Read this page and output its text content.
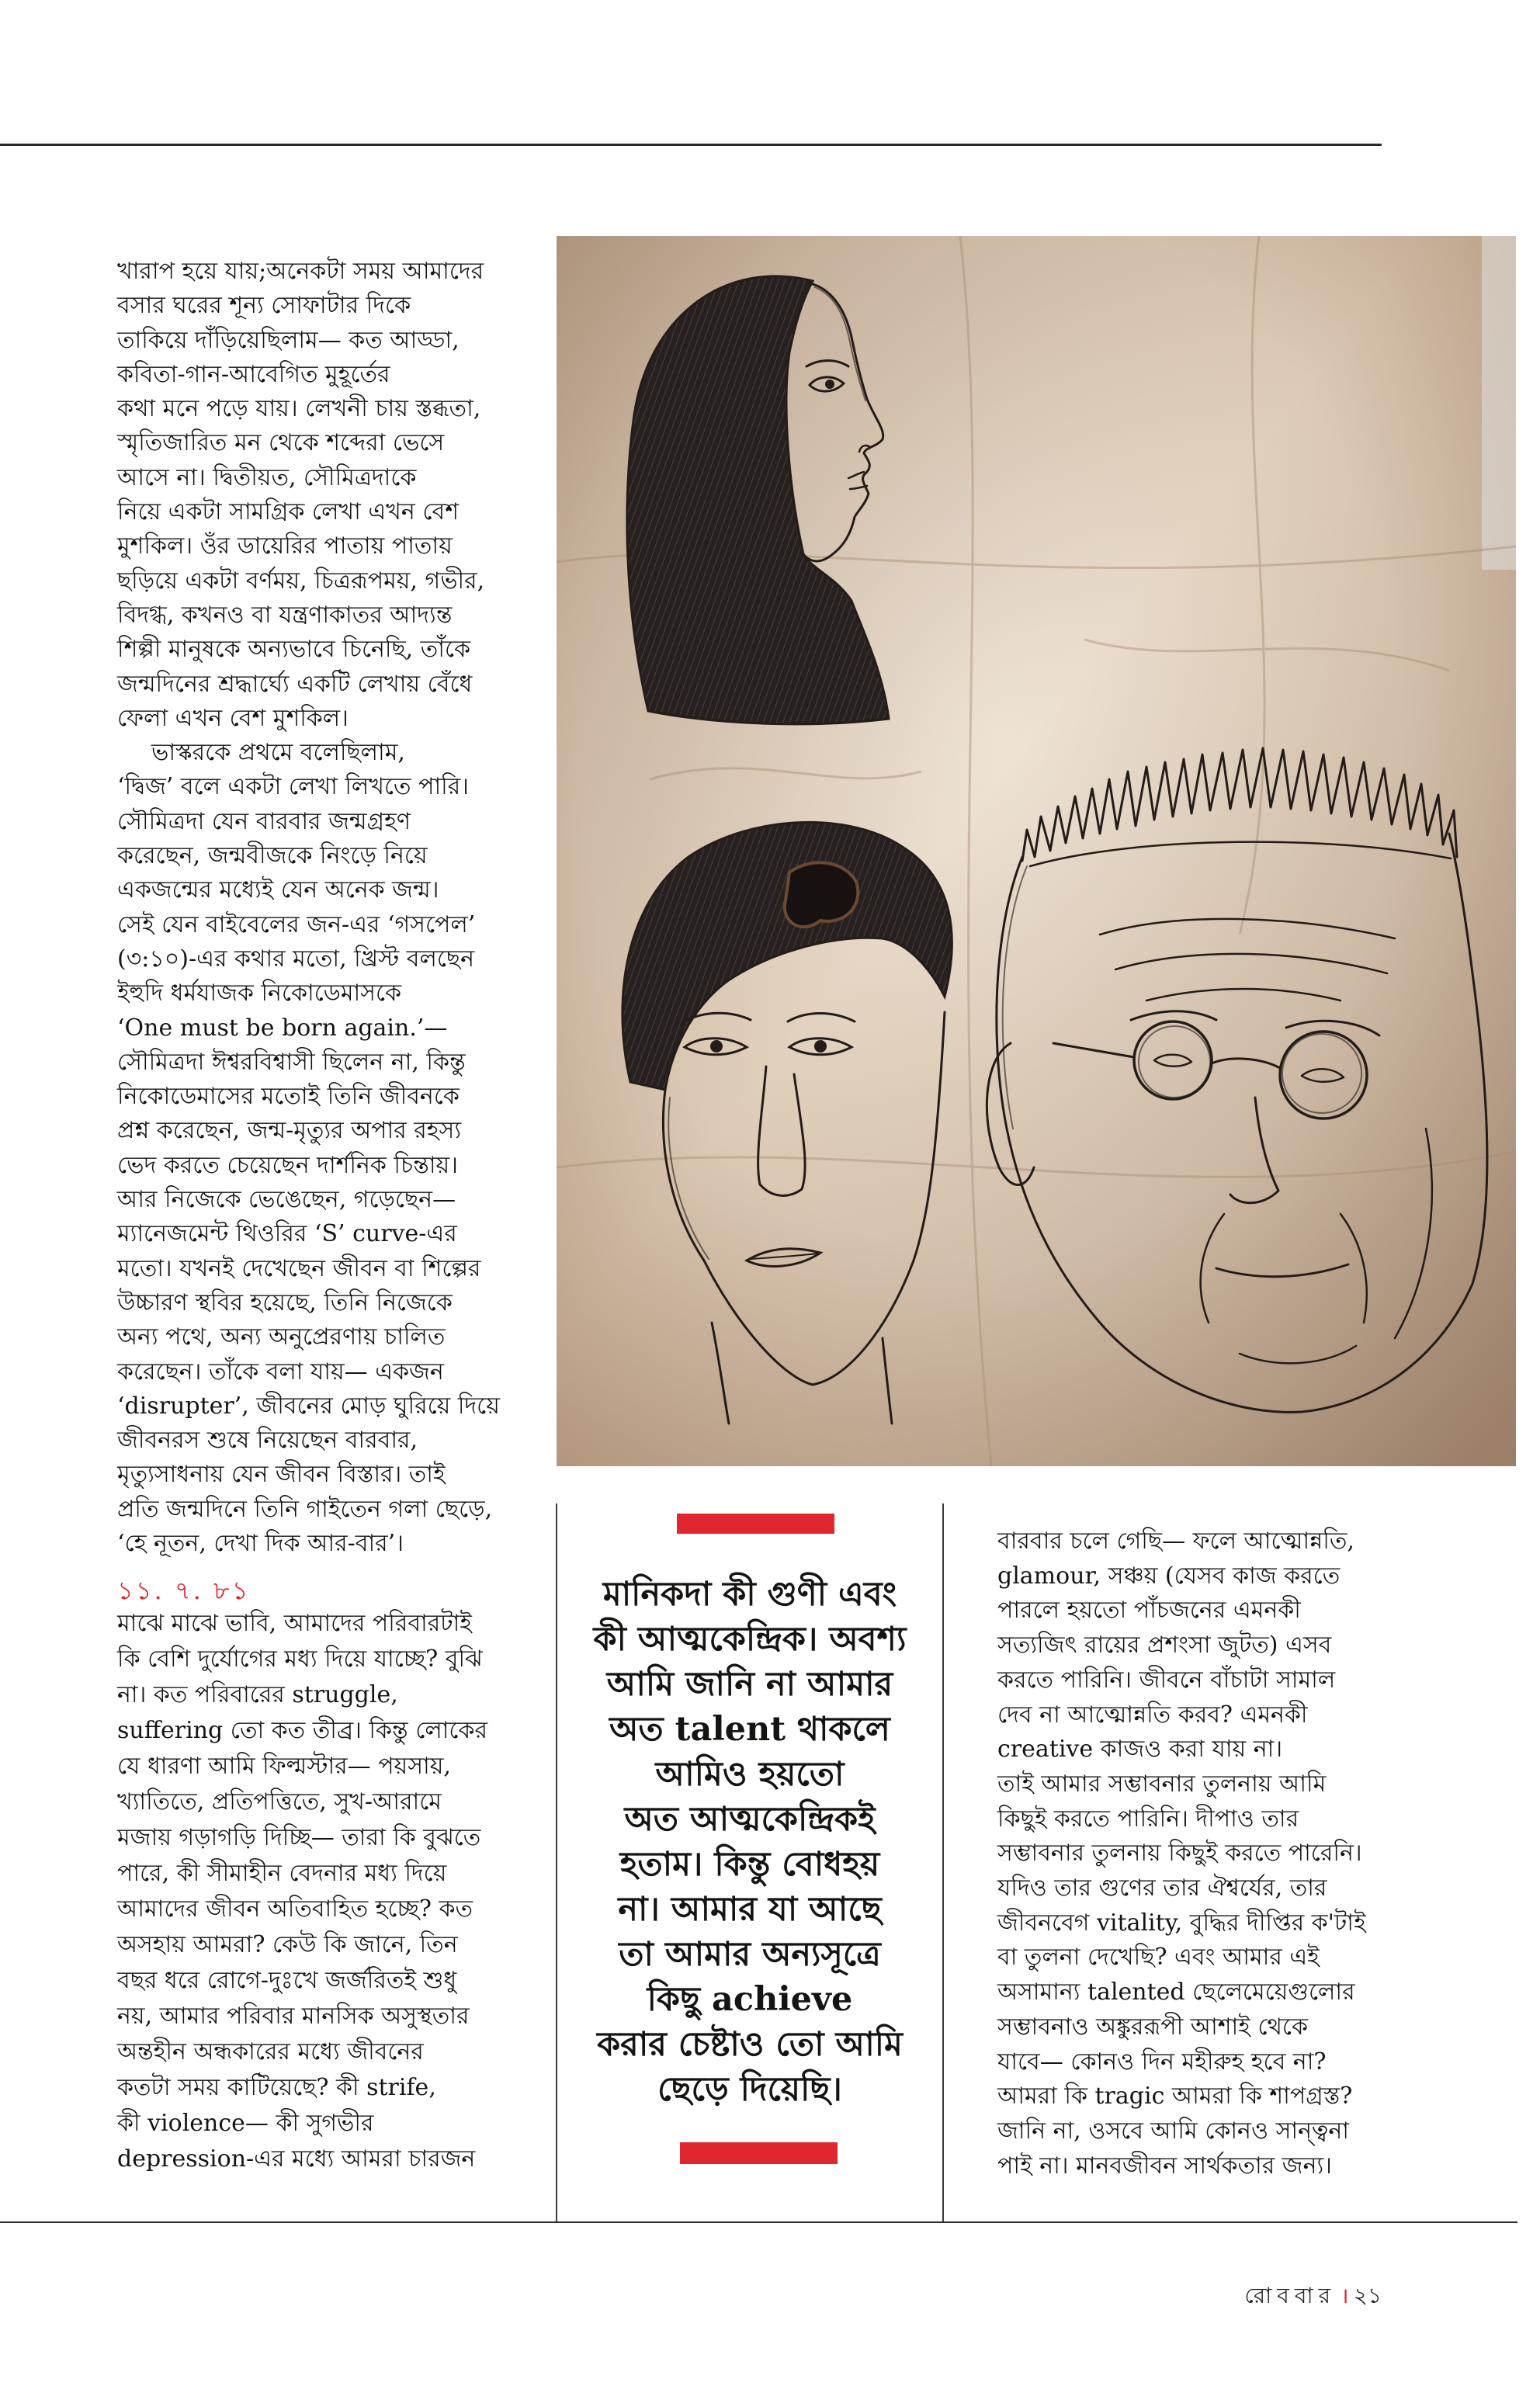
খারাপ হয়ে যায়;অনেকটা সময় আমাদের
বসার ঘরের শূন্য সোফাটার দিকে
তাকিয়ে দাঁড়িয়েছিলাম— কত আড্ডা,
কবিতা-গান-আবেগিত মুহূর্তের
কথা মনে পড়ে যায়। লেখনী চায় স্তব্ধতা,
স্মৃতিজারিত মন থেকে শব্দেরা ভেসে
আসে না। দ্বিতীয়ত, সৌমিত্রদাকে
নিয়ে একটা সামগ্রিক লেখা এখন বেশ
মুশকিল। ওঁর ডায়েরির পাতায় পাতায়
ছড়িয়ে একটা বর্ণময়, চিত্ররূপময়, গভীর,
বিদগ্ধ, কখনও বা যন্ত্রণাকাতর আদ্যন্ত
শিল্পী মানুষকে অন্যভাবে চিনেছি, তাঁকে
জন্মদিনের শ্রদ্ধার্ঘ্যে একটি লেখায় বেঁধে
ফেলা এখন বেশ মুশকিল।

ভাস্করকে প্রথমে বলেছিলাম,
‘দ্বিজ’ বলে একটা লেখা লিখতে পারি।
সৌমিত্রদা যেন বারবার জন্মগ্রহণ
করেছেন, জন্মবীজকে নিংড়ে নিয়ে
একজন্মের মধ্যেই যেন অনেক জন্ম।
সেই যেন বাইবেলের জন-এর ‘গসপেল’
(৩:১০)-এর কথার মতো, খ্রিস্ট বলছেন
ইহুদি ধর্মযাজক নিকোডেমাসকে
‘One must be born again.’—
সৌমিত্রদা ঈশ্বরবিশ্বাসী ছিলেন না, কিন্তু
নিকোডেমাসের মতোই তিনি জীবনকে
প্রশ্ন করেছেন, জন্ম-মৃত্যুর অপার রহস্য
ভেদ করতে চেয়েছেন দার্শনিক চিন্তায়।
আর নিজেকে ভেঙেছেন, গড়েছেন—
ম্যানেজমেন্ট থিওরির ‘S’ curve-এর
মতো। যখনই দেখেছেন জীবন বা শিল্পের
উচ্চারণ স্থবির হয়েছে, তিনি নিজেকে
অন্য পথে, অন্য অনুপ্রেরণায় চালিত
করেছেন। তাঁকে বলা যায়— একজন
‘disrupter’, জীবনের মোড় ঘুরিয়ে দিয়ে
জীবনরস শুষে নিয়েছেন বারবার,
মৃত্যুসাধনায় যেন জীবন বিস্তার। তাই
প্রতি জন্মদিনে তিনি গাইতেন গলা ছেড়ে,
‘হে নূতন, দেখা দিক আর-বার’।

১১. ৭. ৮১

মাঝে মাঝে ভাবি, আমাদের পরিবারটাই
কি বেশি দুর্যোগের মধ্য দিয়ে যাচ্ছে? বুঝি
না। কত পরিবারের struggle,
suffering তো কত তীব্র। কিন্তু লোকের
যে ধারণা আমি ফিল্মস্টার— পয়সায়,
খ্যাতিতে, প্রতিপত্তিতে, সুখ-আরামে
মজায় গড়াগড়ি দিচ্ছি— তারা কি বুঝতে
পারে, কী সীমাহীন বেদনার মধ্য দিয়ে
আমাদের জীবন অতিবাহিত হচ্ছে? কত
অসহায় আমরা? কেউ কি জানে, তিন
বছর ধরে রোগে-দুঃখে জর্জরিতই শুধু
নয়, আমার পরিবার মানসিক অসুস্থতার
অন্তহীন অন্ধকারের মধ্যে জীবনের
কতটা সময় কাটিয়েছে? কী strife,
কী violence— কী সুগভীর
depression-এর মধ্যে আমরা চারজন

মানিকদা কী গুণী এবং
কী আত্মকেন্দ্রিক। অবশ্য
আমি জানি না আমার
অত talent থাকলে
আমিও হয়তো
অত আত্মকেন্দ্রিকই
হতাম। কিন্তু বোধহয়
না। আমার যা আছে
তা আমার অন্যসূত্রে
কিছু achieve
করার চেষ্টাও তো আমি
ছেড়ে দিয়েছি।

বারবার চলে গেছি— ফলে আত্মোন্নতি,
glamour, সঞ্চয় (যেসব কাজ করতে
পারলে হয়তো পাঁচজনের এমনকী
সত্যজিৎ রায়ের প্রশংসা জুটত) এসব
করতে পারিনি। জীবনে বাঁচাটা সামাল
দেব না আত্মোন্নতি করব? এমনকী
creative কাজও করা যায় না।
তাই আমার সম্ভাবনার তুলনায় আমি
কিছুই করতে পারিনি। দীপাও তার
সম্ভাবনার তুলনায় কিছুই করতে পারেনি।
যদিও তার গুণের তার ঐশ্বর্যের, তার
জীবনবেগ vitality, বুদ্ধির দীপ্তির ক'টাই
বা তুলনা দেখেছি? এবং আমার এই
অসামান্য talented ছেলেমেয়েগুলোর
সম্ভাবনাও অঙ্কুররূপী আশাই থেকে
যাবে— কোনও দিন মহীরুহ হবে না?
আমরা কি tragic আমরা কি শাপগ্রস্ত?
জানি না, ওসবে আমি কোনও সান্ত্বনা
পাই না। মানবজীবন সার্থকতার জন্য।

রোববার । ২১
